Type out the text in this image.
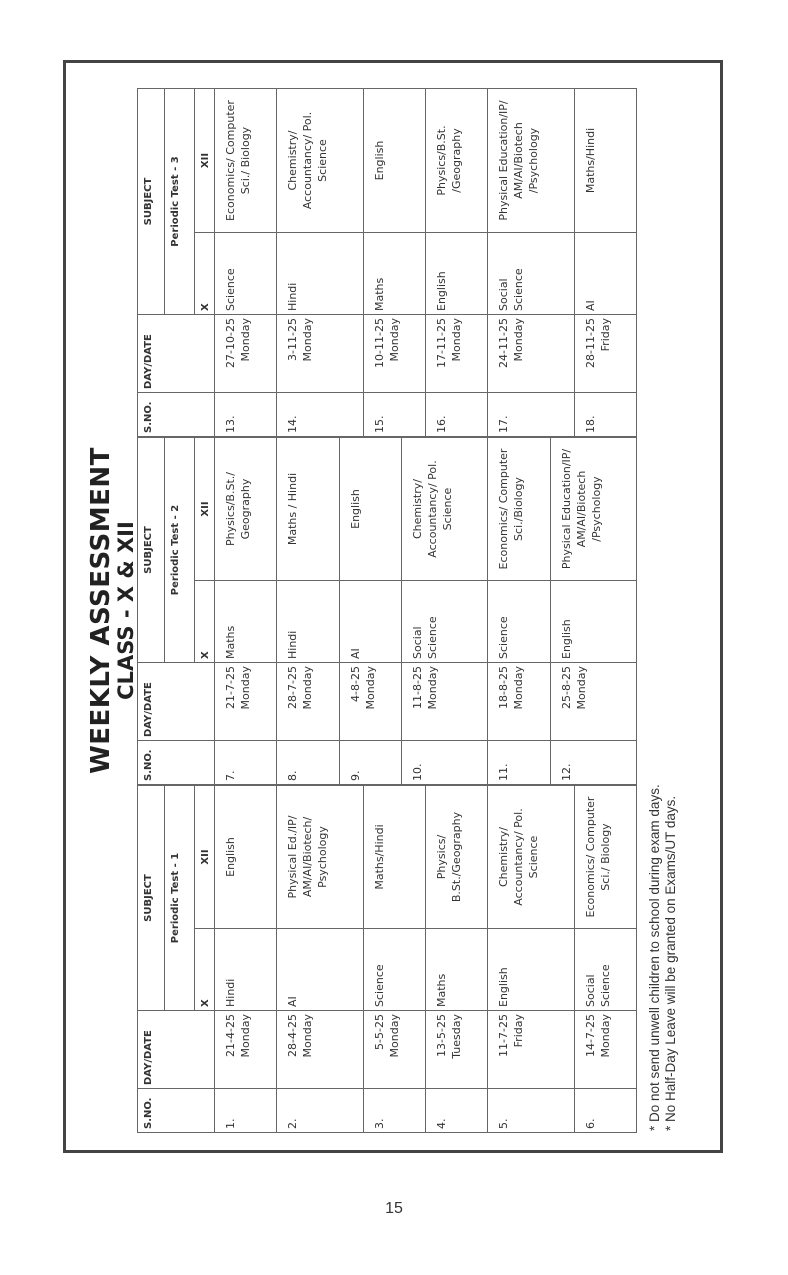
WEEKLY ASSESSMENT
CLASS - X & XII
S.NO.	DAY/DATE	SUBJECT	
		Periodic Test - 1	
		X	XII
1.	21-4-25 Monday	Hindi	English
2.	28-4-25 Monday	AI	Physical Ed./IP/ AM/AI/Biotech/ Psychology
3.	5-5-25 Monday	Science	Maths/Hindi
4.	13-5-25 Tuesday	Maths	Physics/ B.St./Geography
5.	11-7-25 Friday	English	Chemistry/ Accountancy/ Pol. Science
6.	14-7-25 Monday	Social Science	Economics/ Computer Sci./ Biology
S.NO.	DAY/DATE	SUBJECT	
		Periodic Test - 2	
		X	XII
7.	21-7-25 Monday	Maths	Physics/B.St./ Geography
8.	28-7-25 Monday	Hindi	Maths / Hindi
9.	4-8-25 Monday	AI	English
10.	11-8-25 Monday	Social Science	Chemistry/ Accountancy/ Pol. Science
11.	18-8-25 Monday	Science	Economics/ Computer Sci./Biology
12.	25-8-25 Monday	English	Physical Education/IP/ AM/AI/Biotech /Psychology
S.NO.	DAY/DATE	SUBJECT	
		Periodic Test - 3	
		X	XII
13.	27-10-25 Monday	Science	Economics/ Computer Sci./ Biology
14.	3-11-25 Monday	Hindi	Chemistry/ Accountancy/ Pol. Science
15.	10-11-25 Monday	Maths	English
16.	17-11-25 Monday	English	Physics/B.St. /Geography
17.	24-11-25 Monday	Social Science	Physical Education/IP/ AM/AI/Biotech /Psychology
18.	28-11-25 Friday	AI	Maths/Hindi
* Do not send unwell children to school during exam days. * No Half-Day Leave will be granted on Exams/UT days.
15
